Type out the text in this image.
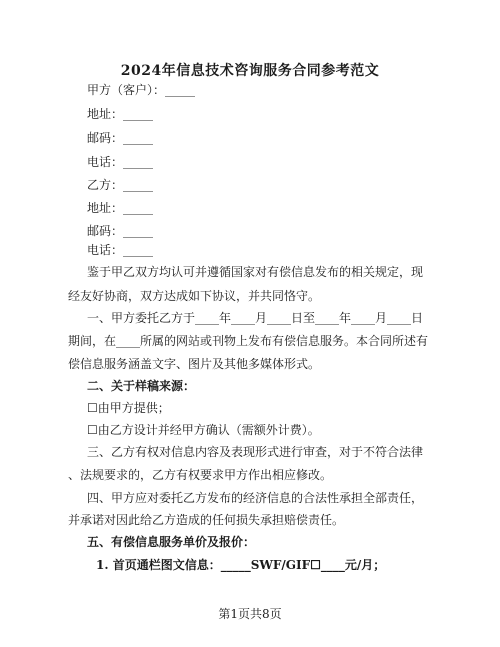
2024年信息技术咨询服务合同参考范文
甲方（客户）：_____
地址：_____
邮码：_____
电话：_____
乙方：_____
地址：_____
邮码：_____
电话：_____
鉴于甲乙双方均认可并遵循国家对有偿信息发布的相关规定，现
经友好协商，双方达成如下协议，并共同恪守。
一、甲方委托乙方于____年____月____日至____年____月____日
期间，在____所属的网站或刊物上发布有偿信息服务。本合同所述有
偿信息服务涵盖文字、图片及其他多媒体形式。
二、关于样稿来源：
☐由甲方提供；
☐由乙方设计并经甲方确认（需额外计费）。
三、乙方有权对信息内容及表现形式进行审查，对于不符合法律
、法规要求的，乙方有权要求甲方作出相应修改。
四、甲方应对委托乙方发布的经济信息的合法性承担全部责任，
并承诺对因此给乙方造成的任何损失承担赔偿责任。
五、有偿信息服务单价及报价：
1. 首页通栏图文信息：_____SWF/GIF☐____元/月；
第1页共8页
